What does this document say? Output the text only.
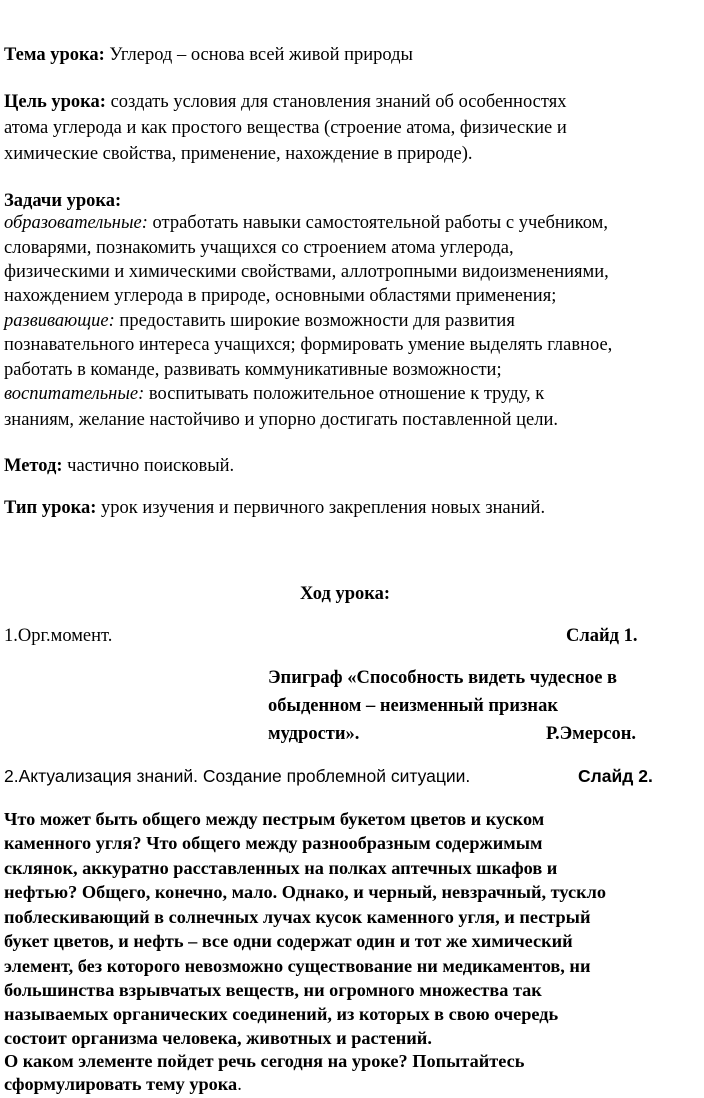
Тема урока: Углерод – основа всей живой природы
Цель урока: создать условия для становления знаний об особенностях
атома углерода и как простого вещества (строение атома, физические и
химические свойства, применение, нахождение в природе).
Задачи урока:
образовательные: отработать навыки самостоятельной работы с учебником,
словарями, познакомить учащихся со строением атома углерода,
физическими и химическими свойствами, аллотропными видоизменениями,
нахождением углерода в природе, основными областями применения;
развивающие: предоставить широкие возможности для развития
познавательного интереса учащихся; формировать умение выделять главное,
работать в команде, развивать коммуникативные возможности;
воспитательные: воспитывать положительное отношение к труду, к
знаниям, желание настойчиво и упорно достигать поставленной цели.
Метод: частично поисковый.
Тип урока: урок изучения и первичного закрепления новых знаний.
Ход урока:
1.Орг.момент.	Слайд 1.
Эпиграф «Способность видеть чудесное в
обыденном – неизменный признак
мудрости».	Р.Эмерсон.
2.Актуализация знаний. Создание проблемной ситуации.	Слайд 2.
Что может быть общего между пестрым букетом цветов и куском
каменного угля? Что общего между разнообразным содержимым
склянок, аккуратно расставленных на полках аптечных шкафов и
нефтью? Общего, конечно, мало. Однако, и черный, невзрачный, тускло
поблескивающий в солнечных лучах кусок каменного угля, и пестрый
букет цветов, и нефть – все одни содержат один и тот же химический
элемент, без которого невозможно существование ни медикаментов, ни
большинства взрывчатых веществ, ни огромного множества так
называемых органических соединений, из которых в свою очередь
состоит организма человека, животных и растений.
О каком элементе пойдет речь сегодня на уроке? Попытайтесь
сформулировать тему урока.
